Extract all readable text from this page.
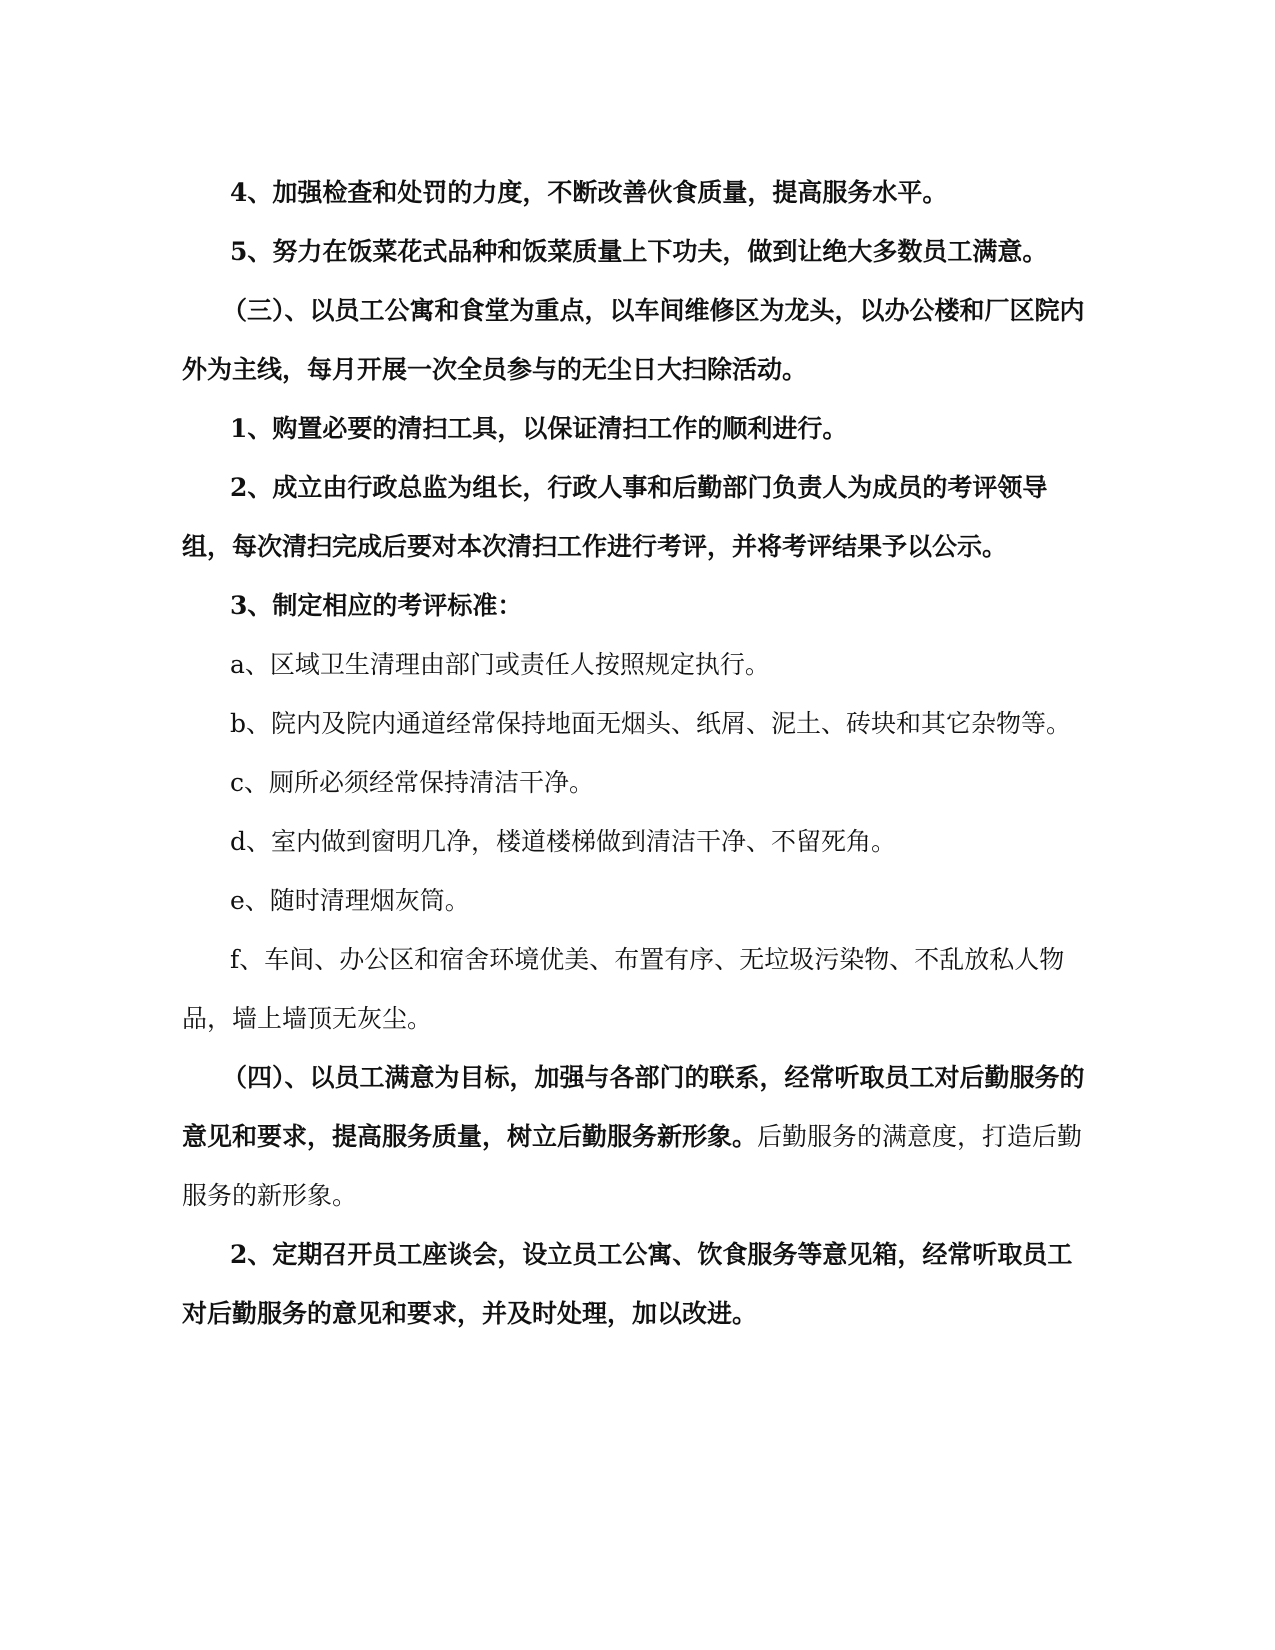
4、加强检查和处罚的力度，不断改善伙食质量，提高服务水平。

5、努力在饭菜花式品种和饭菜质量上下功夫，做到让绝大多数员工满意。

（三）、以员工公寓和食堂为重点，以车间维修区为龙头，以办公楼和厂区院内外为主线，每月开展一次全员参与的无尘日大扫除活动。

1、购置必要的清扫工具，以保证清扫工作的顺利进行。

2、成立由行政总监为组长，行政人事和后勤部门负责人为成员的考评领导组，每次清扫完成后要对本次清扫工作进行考评，并将考评结果予以公示。

3、制定相应的考评标准：

a、区域卫生清理由部门或责任人按照规定执行。

b、院内及院内通道经常保持地面无烟头、纸屑、泥土、砖块和其它杂物等。

c、厕所必须经常保持清洁干净。

d、室内做到窗明几净，楼道楼梯做到清洁干净、不留死角。

e、随时清理烟灰筒。

f、车间、办公区和宿舍环境优美、布置有序、无垃圾污染物、不乱放私人物品，墙上墙顶无灰尘。

（四）、以员工满意为目标，加强与各部门的联系，经常听取员工对后勤服务的意见和要求，提高服务质量，树立后勤服务新形象。后勤服务的满意度，打造后勤服务的新形象。

2、定期召开员工座谈会，设立员工公寓、饮食服务等意见箱，经常听取员工对后勤服务的意见和要求，并及时处理，加以改进。
